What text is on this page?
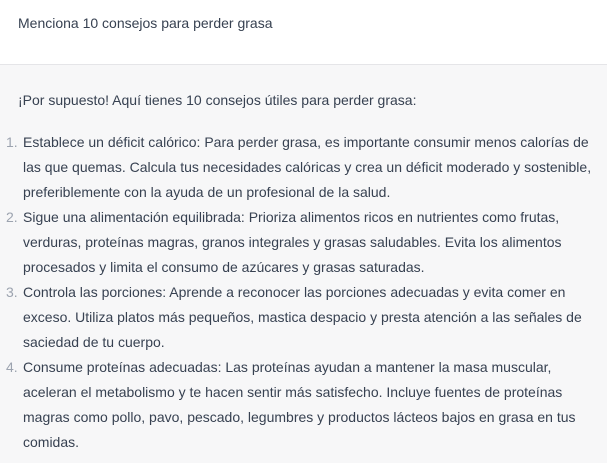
Menciona 10 consejos para perder grasa
¡Por supuesto! Aquí tienes 10 consejos útiles para perder grasa:
1. Establece un déficit calórico: Para perder grasa, es importante consumir menos calorías de
las que quemas. Calcula tus necesidades calóricas y crea un déficit moderado y sostenible,
preferiblemente con la ayuda de un profesional de la salud.
2. Sigue una alimentación equilibrada: Prioriza alimentos ricos en nutrientes como frutas,
verduras, proteínas magras, granos integrales y grasas saludables. Evita los alimentos
procesados y limita el consumo de azúcares y grasas saturadas.
3. Controla las porciones: Aprende a reconocer las porciones adecuadas y evita comer en
exceso. Utiliza platos más pequeños, mastica despacio y presta atención a las señales de
saciedad de tu cuerpo.
4. Consume proteínas adecuadas: Las proteínas ayudan a mantener la masa muscular,
aceleran el metabolismo y te hacen sentir más satisfecho. Incluye fuentes de proteínas
magras como pollo, pavo, pescado, legumbres y productos lácteos bajos en grasa en tus
comidas.
